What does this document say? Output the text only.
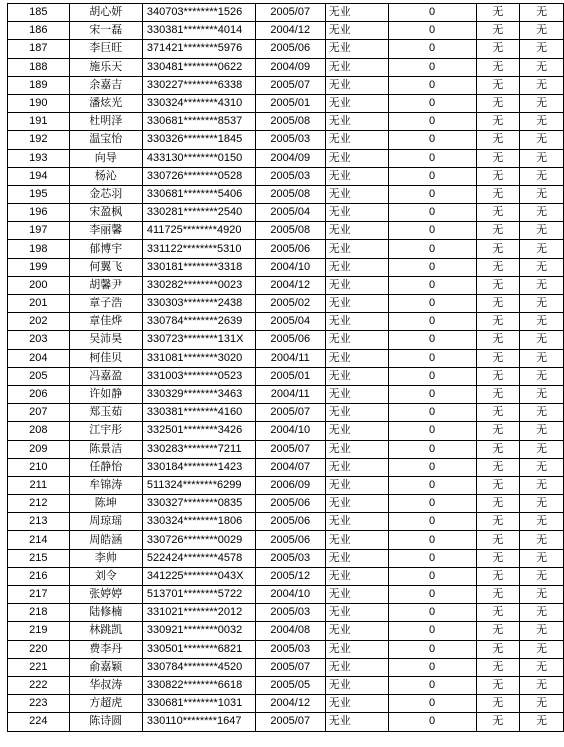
185	胡心妍	340703********1526	2005/07	无业	0	无	无
186	宋一磊	330381********4014	2004/12	无业	0	无	无
187	李巨旺	371421********5976	2005/06	无业	0	无	无
188	施乐天	330481********0622	2004/09	无业	0	无	无
189	余嘉吉	330227********6338	2005/07	无业	0	无	无
190	潘炫光	330324********4310	2005/01	无业	0	无	无
191	杜明泽	330681********8537	2005/08	无业	0	无	无
192	温宝怡	330326********1845	2005/03	无业	0	无	无
193	向导	433130********0150	2004/09	无业	0	无	无
194	杨沁	330726********0528	2005/03	无业	0	无	无
195	金芯羽	330681********5406	2005/08	无业	0	无	无
196	宋盈枫	330281********2540	2005/04	无业	0	无	无
197	李丽馨	411725********4920	2005/08	无业	0	无	无
198	郁博宇	331122********5310	2005/06	无业	0	无	无
199	何翼飞	330181********3318	2004/10	无业	0	无	无
200	胡馨尹	330282********0023	2004/12	无业	0	无	无
201	章子浩	330303********2438	2005/02	无业	0	无	无
202	章佳烨	330784********2639	2005/04	无业	0	无	无
203	吴沛昊	330723********131X	2005/06	无业	0	无	无
204	柯佳贝	331081********3020	2004/11	无业	0	无	无
205	冯嘉盈	331003********0523	2005/01	无业	0	无	无
206	许如静	330329********3463	2004/11	无业	0	无	无
207	郑玉茹	330381********4160	2005/07	无业	0	无	无
208	江宇彤	332501********3426	2004/10	无业	0	无	无
209	陈景洁	330283********7211	2005/07	无业	0	无	无
210	任静怡	330184********1423	2004/07	无业	0	无	无
211	牟锦涛	511324********6299	2006/09	无业	0	无	无
212	陈坤	330327********0835	2005/06	无业	0	无	无
213	周琼瑶	330324********1806	2005/06	无业	0	无	无
214	周皓涵	330726********0029	2005/06	无业	0	无	无
215	李帅	522424********4578	2005/03	无业	0	无	无
216	刘令	341225********043X	2005/12	无业	0	无	无
217	张婷婷	513701********5722	2004/10	无业	0	无	无
218	陆修楠	331021********2012	2005/03	无业	0	无	无
219	林跳凯	330921********0032	2004/08	无业	0	无	无
220	费李丹	330501********6821	2005/03	无业	0	无	无
221	俞嘉颖	330784********4520	2005/07	无业	0	无	无
222	华叔涛	330822********6618	2005/05	无业	0	无	无
223	方超虎	330681********1031	2004/12	无业	0	无	无
224	陈诗圆	330110********1647	2005/07	无业	0	无	无
